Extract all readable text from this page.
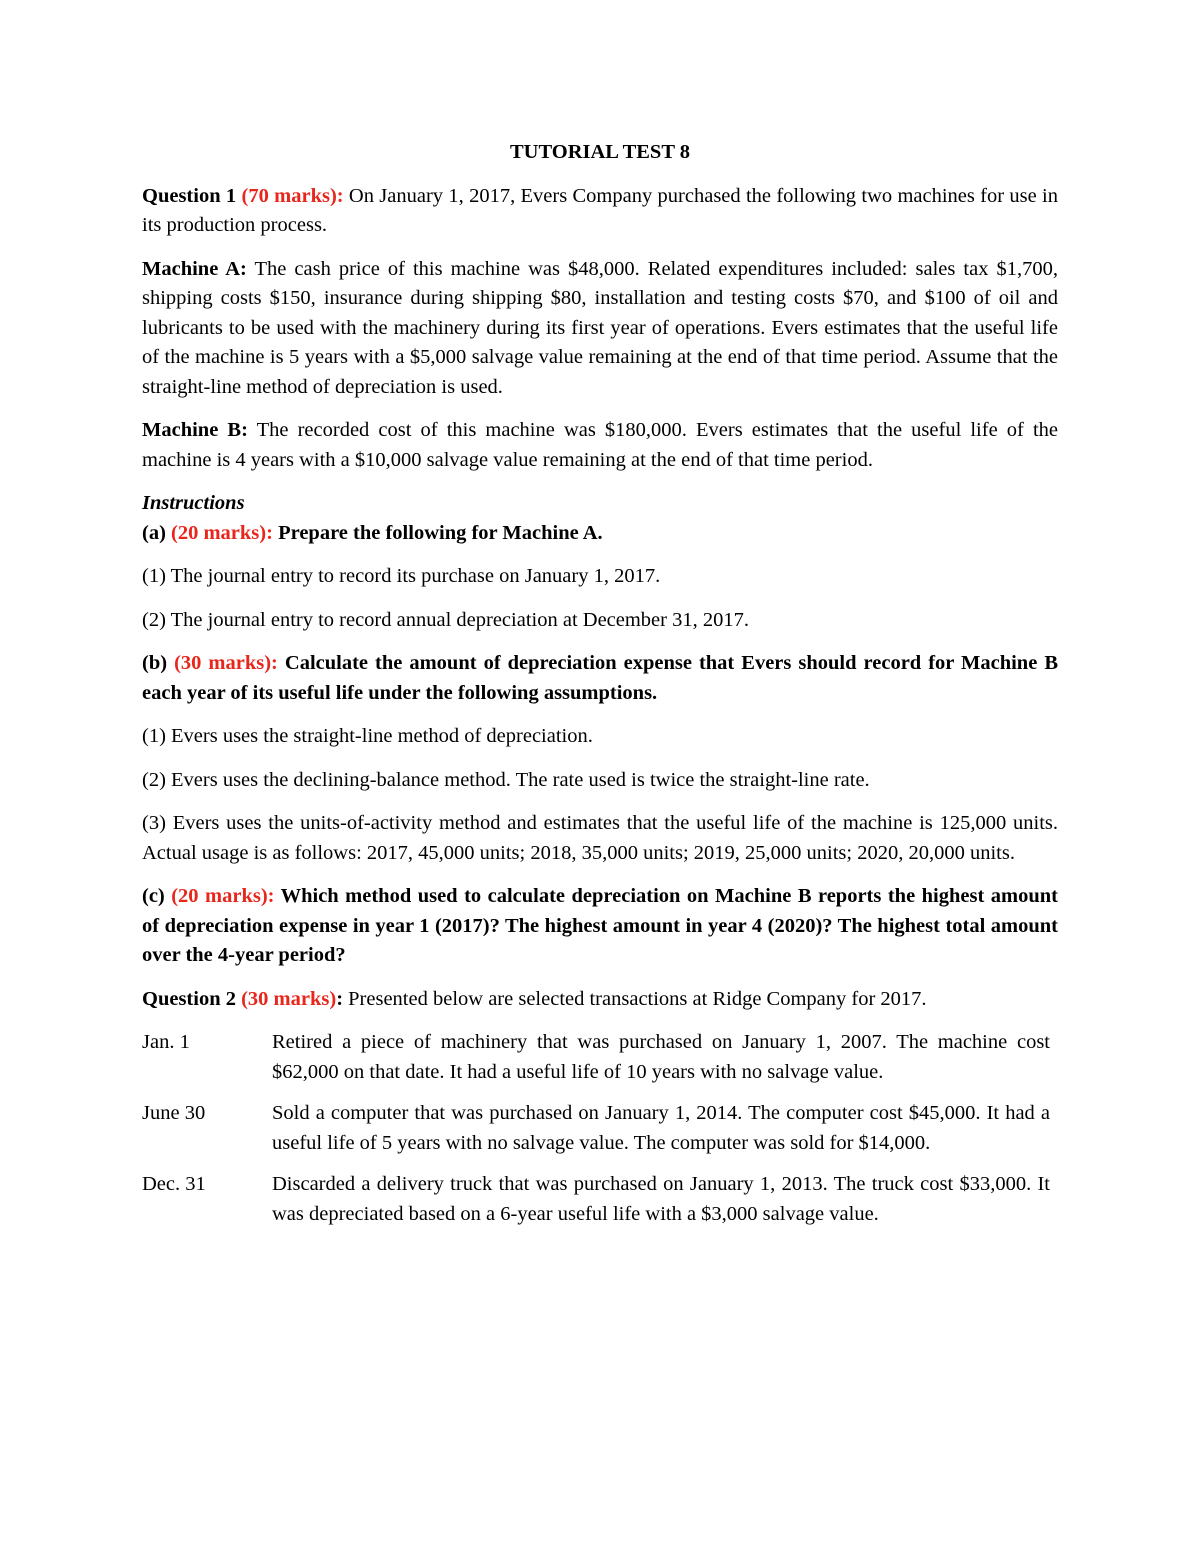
TUTORIAL TEST 8

Question 1 (70 marks): On January 1, 2017, Evers Company purchased the following two machines for use in its production process.

Machine A: The cash price of this machine was $48,000. Related expenditures included: sales tax $1,700, shipping costs $150, insurance during shipping $80, installation and testing costs $70, and $100 of oil and lubricants to be used with the machinery during its first year of operations. Evers estimates that the useful life of the machine is 5 years with a $5,000 salvage value remaining at the end of that time period. Assume that the straight-line method of depreciation is used.

Machine B: The recorded cost of this machine was $180,000. Evers estimates that the useful life of the machine is 4 years with a $10,000 salvage value remaining at the end of that time period.

Instructions

(a) (20 marks): Prepare the following for Machine A.

(1) The journal entry to record its purchase on January 1, 2017.

(2) The journal entry to record annual depreciation at December 31, 2017.

(b) (30 marks): Calculate the amount of depreciation expense that Evers should record for Machine B each year of its useful life under the following assumptions.

(1) Evers uses the straight-line method of depreciation.

(2) Evers uses the declining-balance method. The rate used is twice the straight-line rate.

(3) Evers uses the units-of-activity method and estimates that the useful life of the machine is 125,000 units. Actual usage is as follows: 2017, 45,000 units; 2018, 35,000 units; 2019, 25,000 units; 2020, 20,000 units.

(c) (20 marks): Which method used to calculate depreciation on Machine B reports the highest amount of depreciation expense in year 1 (2017)? The highest amount in year 4 (2020)? The highest total amount over the 4-year period?

Question 2 (30 marks): Presented below are selected transactions at Ridge Company for 2017.

Jan. 1	Retired a piece of machinery that was purchased on January 1, 2007. The machine cost $62,000 on that date. It had a useful life of 10 years with no salvage value.
June 30	Sold a computer that was purchased on January 1, 2014. The computer cost $45,000. It had a useful life of 5 years with no salvage value. The computer was sold for $14,000.
Dec. 31	Discarded a delivery truck that was purchased on January 1, 2013. The truck cost $33,000. It was depreciated based on a 6-year useful life with a $3,000 salvage value.
